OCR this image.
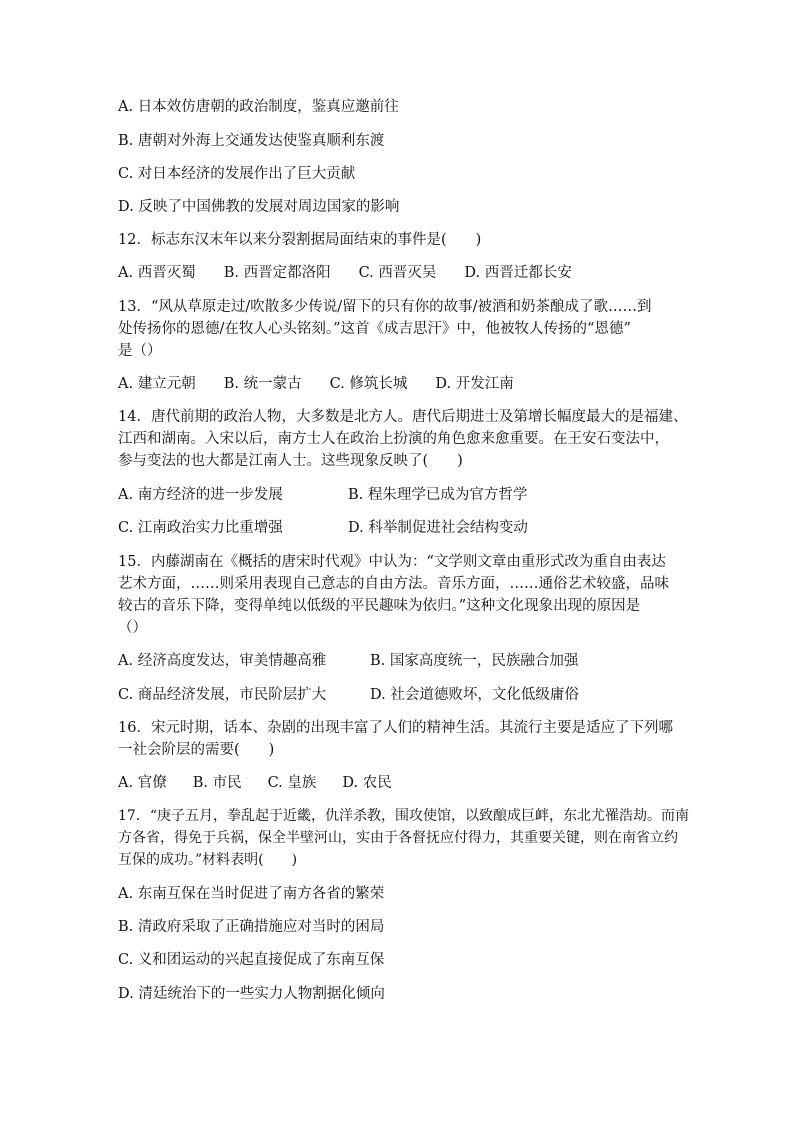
A. 日本效仿唐朝的政治制度，鉴真应邀前往
B. 唐朝对外海上交通发达使鉴真顺利东渡
C. 对日本经济的发展作出了巨大贡献
D. 反映了中国佛教的发展对周边国家的影响
12．标志东汉末年以来分裂割据局面结束的事件是(　　)
A. 西晋灭蜀 B. 西晋定都洛阳 C. 西晋灭吴 D. 西晋迁都长安
13．“风从草原走过/吹散多少传说/留下的只有你的故事/被酒和奶茶酿成了歌……到
处传扬你的恩德/在牧人心头铭刻。”这首《成吉思汗》中，他被牧人传扬的“恩德”
是（）
A. 建立元朝 B. 统一蒙古 C. 修筑长城 D. 开发江南
14．唐代前期的政治人物，大多数是北方人。唐代后期进士及第增长幅度最大的是福建、
江西和湖南。入宋以后，南方士人在政治上扮演的角色愈来愈重要。在王安石变法中，
参与变法的也大都是江南人士。这些现象反映了(　　)
A. 南方经济的进一步发展	B. 程朱理学已成为官方哲学
C. 江南政治实力比重增强	D. 科举制促进社会结构变动
15．内藤湖南在《概括的唐宋时代观》中认为：“文学则文章由重形式改为重自由表达
艺术方面，……则采用表现自己意志的自由方法。音乐方面，……通俗艺术较盛，品味
较古的音乐下降，变得单纯以低级的平民趣味为依归。”这种文化现象出现的原因是
（）
A. 经济高度发达，审美情趣高雅	B. 国家高度统一，民族融合加强
C. 商品经济发展，市民阶层扩大	D. 社会道德败坏，文化低级庸俗
16．宋元时期，话本、杂剧的出现丰富了人们的精神生活。其流行主要是适应了下列哪
一社会阶层的需要(　　)
A. 官僚 B. 市民 C. 皇族 D. 农民
17．“庚子五月，拳乱起于近畿，仇洋杀教，围攻使馆，以致酿成巨衅，东北尤罹浩劫。而南
方各省，得免于兵祸，保全半壁河山，实由于各督抚应付得力，其重要关键，则在南省立约
互保的成功。”材料表明(　　)
A. 东南互保在当时促进了南方各省的繁荣
B. 清政府采取了正确措施应对当时的困局
C. 义和团运动的兴起直接促成了东南互保
D. 清廷统治下的一些实力人物割据化倾向
